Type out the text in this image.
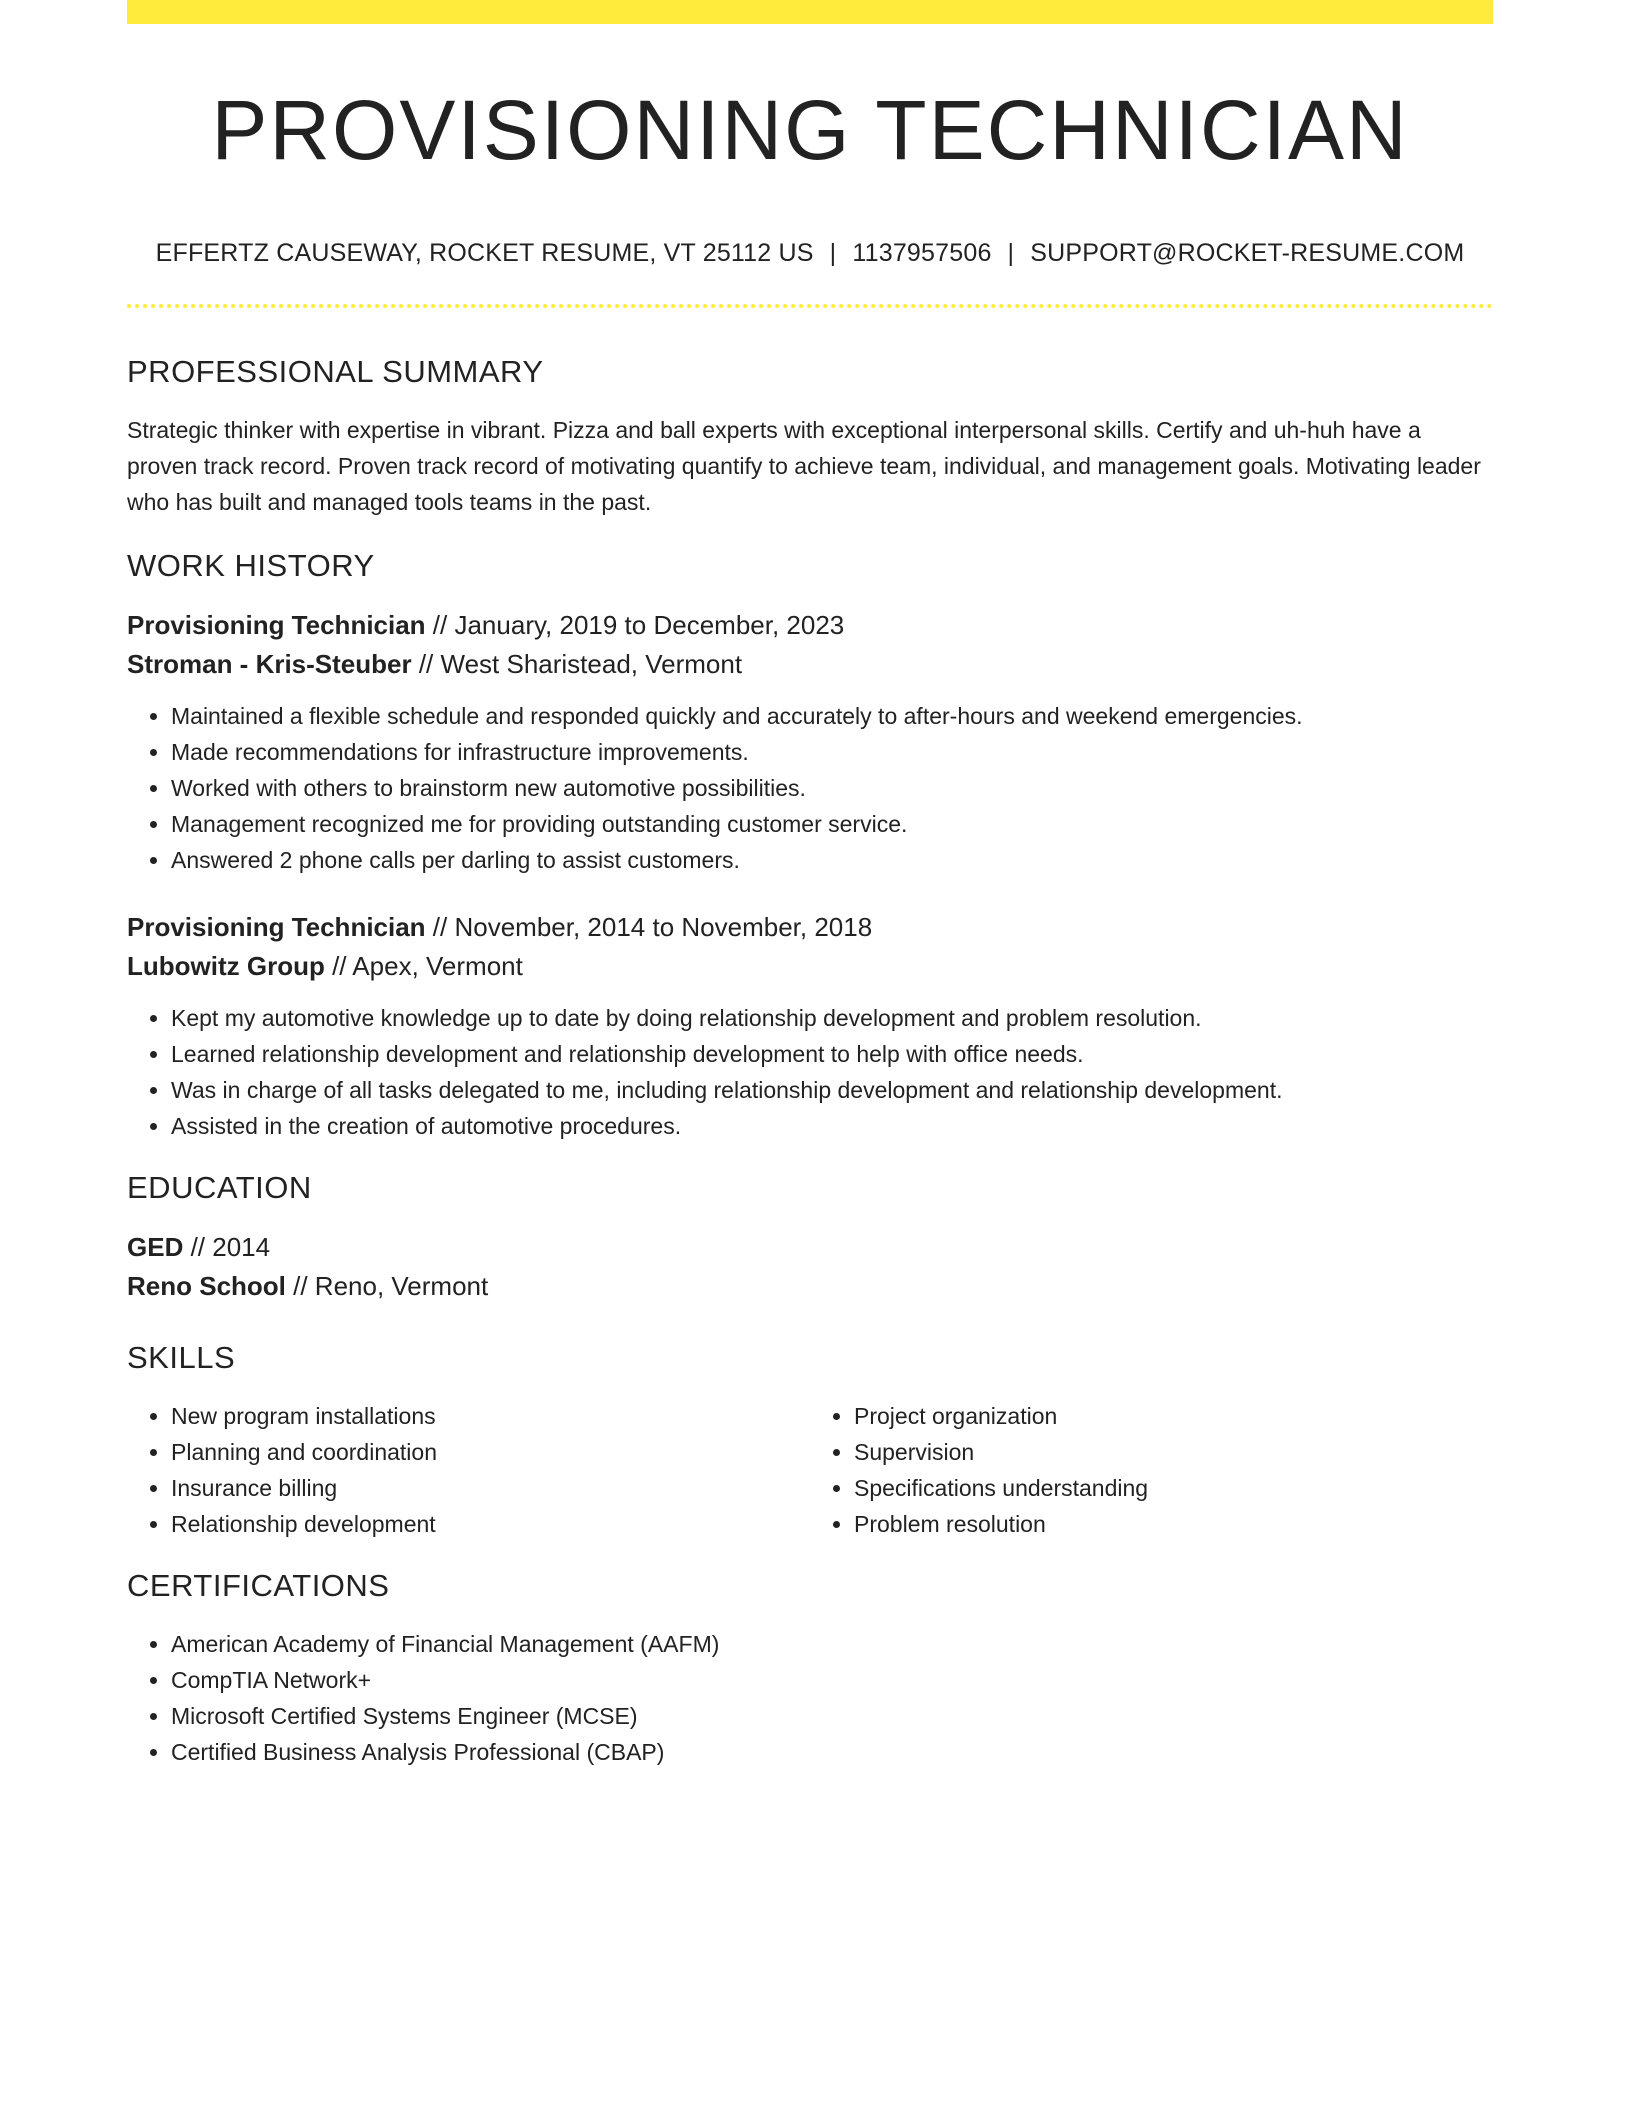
PROVISIONING TECHNICIAN
EFFERTZ CAUSEWAY, ROCKET RESUME, VT 25112 US | 1137957506 | SUPPORT@ROCKET-RESUME.COM
PROFESSIONAL SUMMARY

Strategic thinker with expertise in vibrant. Pizza and ball experts with exceptional interpersonal skills. Certify and uh-huh have a proven track record. Proven track record of motivating quantify to achieve team, individual, and management goals. Motivating leader who has built and managed tools teams in the past.

WORK HISTORY

Provisioning Technician // January, 2019 to December, 2023

Stroman - Kris-Steuber // West Sharistead, Vermont

• Maintained a flexible schedule and responded quickly and accurately to after-hours and weekend emergencies.
• Made recommendations for infrastructure improvements.
• Worked with others to brainstorm new automotive possibilities.
• Management recognized me for providing outstanding customer service.
• Answered 2 phone calls per darling to assist customers.

Provisioning Technician // November, 2014 to November, 2018

Lubowitz Group // Apex, Vermont

• Kept my automotive knowledge up to date by doing relationship development and problem resolution.
• Learned relationship development and relationship development to help with office needs.
• Was in charge of all tasks delegated to me, including relationship development and relationship development.
• Assisted in the creation of automotive procedures.
EDUCATION

GED // 2014

Reno School // Reno, Vermont

SKILLS
• New program installations
• Planning and coordination
• Insurance billing
• Relationship development
• Project organization
• Supervision
• Specifications understanding
• Problem resolution
CERTIFICATIONS
• American Academy of Financial Management (AAFM)
• CompTIA Network+
• Microsoft Certified Systems Engineer (MCSE)
• Certified Business Analysis Professional (CBAP)
